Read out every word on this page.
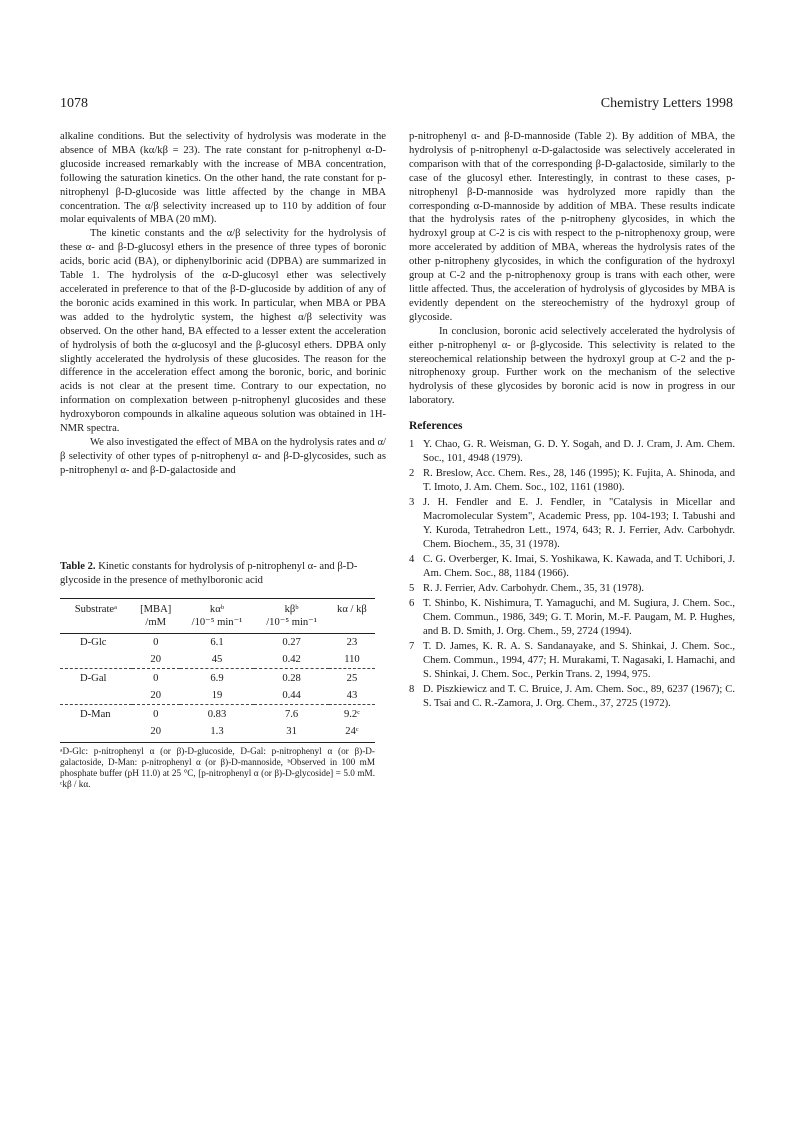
1078	Chemistry Letters 1998

alkaline conditions. But the selectivity of hydrolysis was moderate in the absence of MBA (kα/kβ = 23). The rate constant for p-nitrophenyl α-D-glucoside increased remarkably with the increase of MBA concentration, following the saturation kinetics. On the other hand, the rate constant for p-nitrophenyl β-D-glucoside was little affected by the change in MBA concentration. The α/β selectivity increased up to 110 by addition of four molar equivalents of MBA (20 mM).

The kinetic constants and the α/β selectivity for the hydrolysis of these α- and β-D-glucosyl ethers in the presence of three types of boronic acids, boric acid (BA), or diphenylborinic acid (DPBA) are summarized in Table 1. The hydrolysis of the α-D-glucosyl ether was selectively accelerated in preference to that of the β-D-glucoside by addition of any of the boronic acids examined in this work. In particular, when MBA or PBA was added to the hydrolytic system, the highest α/β selectivity was observed. On the other hand, BA effected to a lesser extent the acceleration of hydrolysis of both the α-glucosyl and the β-glucosyl ethers. DPBA only slightly accelerated the hydrolysis of these glucosides. The reason for the difference in the acceleration effect among the boronic, boric, and borinic acids is not clear at the present time. Contrary to our expectation, no information on complexation between p-nitrophenyl glucosides and these hydroxyboron compounds in alkaline aqueous solution was obtained in 1H-NMR spectra.

We also investigated the effect of MBA on the hydrolysis rates and α/β selectivity of other types of p-nitrophenyl α- and β-D-glycosides, such as p-nitrophenyl α- and β-D-galactoside and

Table 2. Kinetic constants for hydrolysis of p-nitrophenyl α- and β-D-glycoside in the presence of methylboronic acid
Substrateᵃ	[MBA]	kαᵇ	kβᵇ	kα / kβ
	/mM	/10⁻⁵ min⁻¹	/10⁻⁵ min⁻¹	
D-Glc	0	6.1	0.27	23
	20	45	0.42	110
D-Gal	0	6.9	0.28	25
	20	19	0.44	43
D-Man	0	0.83	7.6	9.2ᶜ
	20	1.3	31	24ᶜ
ᵃD-Glc: p-nitrophenyl α (or β)-D-glucoside, D-Gal: p-nitrophenyl α (or β)-D-galactoside, D-Man: p-nitrophenyl α (or β)-D-mannoside, ᵇObserved in 100 mM phosphate buffer (pH 11.0) at 25 °C, [p-nitrophenyl α (or β)-D-glycoside] = 5.0 mM. ᶜkβ / kα.

p-nitrophenyl α- and β-D-mannoside (Table 2). By addition of MBA, the hydrolysis of p-nitrophenyl α-D-galactoside was selectively accelerated in comparison with that of the corresponding β-D-galactoside, similarly to the case of the glucosyl ether. Interestingly, in contrast to these cases, p-nitrophenyl β-D-mannoside was hydrolyzed more rapidly than the corresponding α-D-mannoside by addition of MBA. These results indicate that the hydrolysis rates of the p-nitropheny glycosides, in which the hydroxyl group at C-2 is cis with respect to the p-nitrophenoxy group, were more accelerated by addition of MBA, whereas the hydrolysis rates of the other p-nitropheny glycosides, in which the configuration of the hydroxyl group at C-2 and the p-nitrophenoxy group is trans with each other, were little affected. Thus, the acceleration of hydrolysis of glycosides by MBA is evidently dependent on the stereochemistry of the hydroxyl group of glycoside.

In conclusion, boronic acid selectively accelerated the hydrolysis of either p-nitrophenyl α- or β-glycoside. This selectivity is related to the stereochemical relationship between the hydroxyl group at C-2 and the p-nitrophenoxy group. Further work on the mechanism of the selective hydrolysis of these glycosides by boronic acid is now in progress in our laboratory.

References
1 Y. Chao, G. R. Weisman, G. D. Y. Sogah, and D. J. Cram, J. Am. Chem. Soc., 101, 4948 (1979).
2 R. Breslow, Acc. Chem. Res., 28, 146 (1995); K. Fujita, A. Shinoda, and T. Imoto, J. Am. Chem. Soc., 102, 1161 (1980).
3 J. H. Fendler and E. J. Fendler, in "Catalysis in Micellar and Macromolecular System", Academic Press, pp. 104-193; I. Tabushi and Y. Kuroda, Tetrahedron Lett., 1974, 643; R. J. Ferrier, Adv. Carbohydr. Chem. Biochem., 35, 31 (1978).
4 C. G. Overberger, K. Imai, S. Yoshikawa, K. Kawada, and T. Uchibori, J. Am. Chem. Soc., 88, 1184 (1966).
5 R. J. Ferrier, Adv. Carbohydr. Chem., 35, 31 (1978).
6 T. Shinbo, K. Nishimura, T. Yamaguchi, and M. Sugiura, J. Chem. Soc., Chem. Commun., 1986, 349; G. T. Morin, M.-F. Paugam, M. P. Hughes, and B. D. Smith, J. Org. Chem., 59, 2724 (1994).
7 T. D. James, K. R. A. S. Sandanayake, and S. Shinkai, J. Chem. Soc., Chem. Commun., 1994, 477; H. Murakami, T. Nagasaki, I. Hamachi, and S. Shinkai, J. Chem. Soc., Perkin Trans. 2, 1994, 975.
8 D. Piszkiewicz and T. C. Bruice, J. Am. Chem. Soc., 89, 6237 (1967); C. S. Tsai and C. R.-Zamora, J. Org. Chem., 37, 2725 (1972).
